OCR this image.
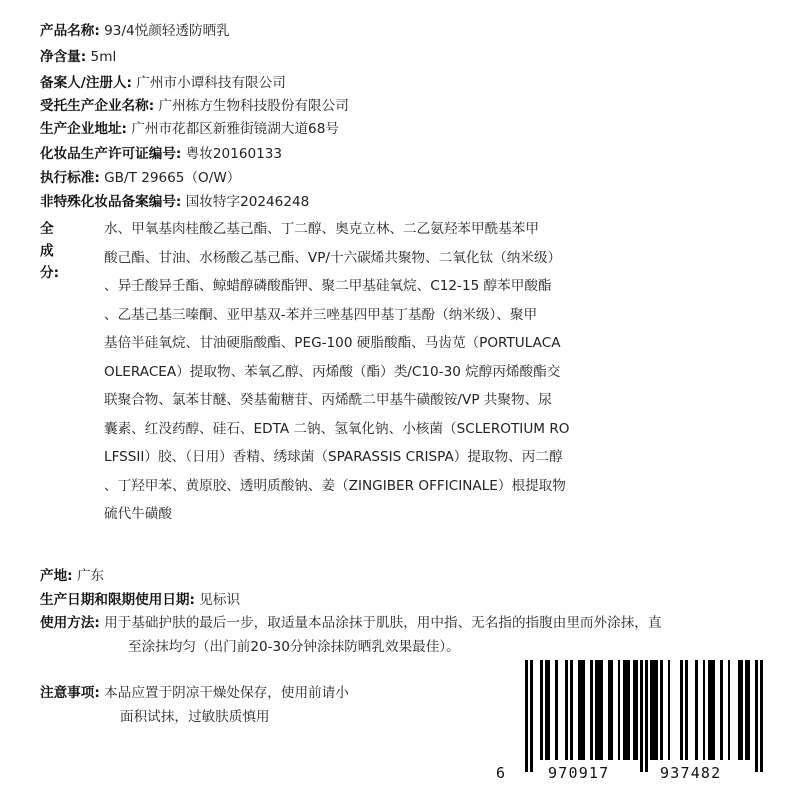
产品名称: 93/4悦颜轻透防晒乳
净含量: 5ml
备案人/注册人: 广州市小谭科技有限公司
受托生产企业名称: 广州栋方生物科技股份有限公司
生产企业地址: 广州市花都区新雅街镜湖大道68号
化妆品生产许可证编号: 粤妆20160133
执行标准: GB/T 29665（O/W）
非特殊化妆品备案编号: 国妆特字20246248
全成分:
水、甲氧基肉桂酸乙基己酯、丁二醇、奥克立林、二乙氨羟苯甲酰基苯甲
酸己酯、甘油、水杨酸乙基己酯、VP/十六碳烯共聚物、二氧化钛（纳米级）
、异壬酸异壬酯、鲸蜡醇磷酸酯钾、聚二甲基硅氧烷、C12-15 醇苯甲酸酯
、乙基己基三嗪酮、亚甲基双-苯并三唑基四甲基丁基酚（纳米级）、聚甲
基倍半硅氧烷、甘油硬脂酸酯、PEG-100 硬脂酸酯、马齿苋（PORTULACA
OLERACEA）提取物、苯氧乙醇、丙烯酸（酯）类/C10-30 烷醇丙烯酸酯交
联聚合物、氯苯甘醚、癸基葡糖苷、丙烯酰二甲基牛磺酸铵/VP 共聚物、尿
囊素、红没药醇、硅石、EDTA 二钠、氢氧化钠、小核菌（SCLEROTIUM RO
LFSSII）胶、（日用）香精、绣球菌（SPARASSIS CRISPA）提取物、丙二醇
、丁羟甲苯、黄原胶、透明质酸钠、姜（ZINGIBER OFFICINALE）根提取物
硫代牛磺酸
产地: 广东
生产日期和限期使用日期: 见标识
使用方法: 用于基础护肤的最后一步，取适量本品涂抹于肌肤，用中指、无名指的指腹由里而外涂抹，直
至涂抹均匀（出门前20-30分钟涂抹防晒乳效果最佳）。
注意事项: 本品应置于阴凉干燥处保存，使用前请小
面积试抹，过敏肤质慎用
6	970917	937482
